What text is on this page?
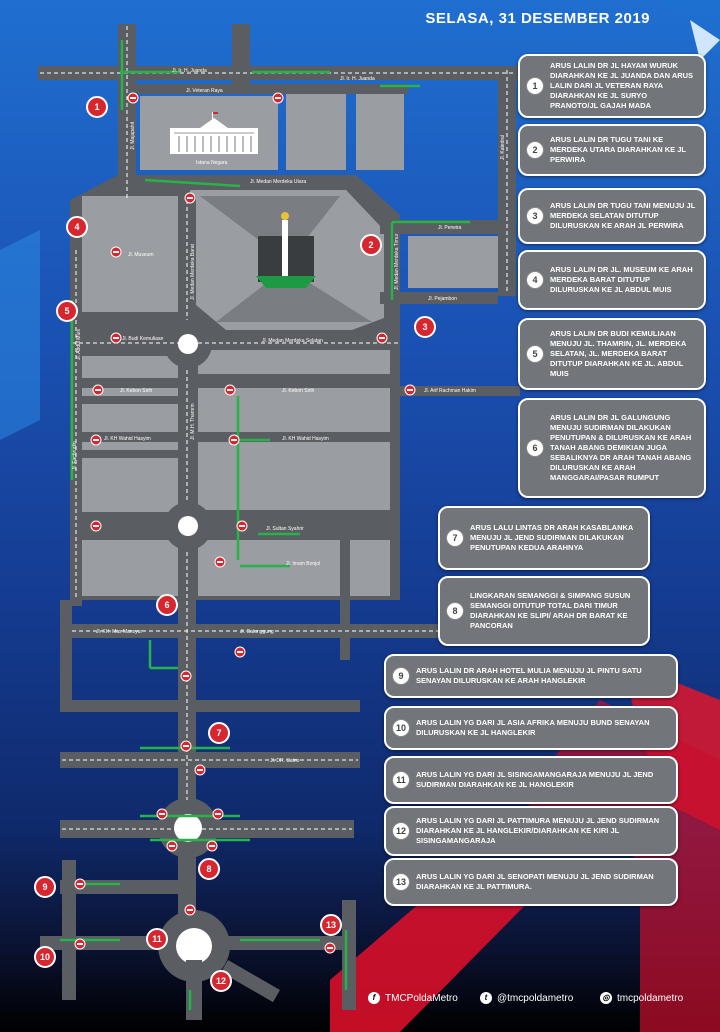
SELASA, 31 DESEMBER 2019
Istana Negara
Jl. Ir. H. Juanda
Jl. Ir. H. Juanda
Jl. Veteran Raya
Jl. Majapahit	Jl. Katedral
Jl. Medan Merdeka Utara
Jl. Medan Merdeka Barat	Jl. Medan Merdeka Timur
Jl. Perwira
Jl. Pejambon
Jl. Museum
Jl. Abdul Muis	Jl. Budi Kemuliaan	Jl. Medan Merdeka Selatan
Jl. Kebon Sirih	Jl. Kebon Sirih	Jl. Arif Rachman Hakim
Jl. Fachrudin
Jl. M.H. Thamrin
Jl. KH Wahid Hasyim	Jl. KH Wahid Hasyim
Jl. Sultan Syahrir
Jl. Imam Bonjol
Jl. KH. Mas Mansyur	Jl. Galunggung
Jl. DR. Satrio
1
2
3
4
5
6
7
8
9
10
11
12
13
1
ARUS LALIN DR JL HAYAM WURUK DIARAHKAN KE JL JUANDA DAN ARUS LALIN DARI JL VETERAN RAYA DIARAHKAN KE JL SURYO PRANOTO/JL GAJAH MADA
2
ARUS LALIN DR TUGU TANI KE MERDEKA UTARA DIARAHKAN KE JL PERWIRA
3
ARUS LALIN DR TUGU TANI MENUJU JL MERDEKA SELATAN DITUTUP DILURUSKAN KE ARAH JL PERWIRA
4
ARUS LALIN DR JL. MUSEUM KE ARAH MERDEKA BARAT DITUTUP DILURUSKAN KE JL ABDUL MUIS
5
ARUS LALIN DR BUDI KEMULIAAN MENUJU JL. THAMRIN, JL. MERDEKA SELATAN, JL. MERDEKA BARAT DITUTUP DIARAHKAN KE JL. ABDUL MUIS
6
ARUS LALIN DR JL GALUNGUNG MENUJU SUDIRMAN DILAKUKAN PENUTUPAN & DILURUSKAN KE ARAH TANAH ABANG DEMIKIAN JUGA SEBALIKNYA DR ARAH TANAH ABANG DILURUSKAN KE ARAH MANGGARAI/PASAR RUMPUT
7
ARUS LALU LINTAS DR ARAH KASABLANKA MENUJU JL JEND SUDIRMAN DILAKUKAN PENUTUPAN KEDUA ARAHNYA
8
LINGKARAN SEMANGGI & SIMPANG SUSUN SEMANGGI DITUTUP TOTAL DARI TIMUR DIARAHKAN KE SLIPI/ ARAH DR BARAT KE PANCORAN
9
ARUS LALIN DR ARAH HOTEL MULIA MENUJU JL PINTU SATU SENAYAN DILURUSKAN KE ARAH HANGLEKIR
10
ARUS LALIN YG DARI JL ASIA AFRIKA MENUJU BUND SENAYAN DILURUSKAN KE JL HANGLEKIR
11
ARUS LALIN YG DARI JL SISINGAMANGARAJA MENUJU JL JEND SUDIRMAN DIARAHKAN KE JL HANGLEKIR
12
ARUS LALIN YG DARI JL PATTIMURA MENUJU JL JEND SUDIRMAN DIARAHKAN KE JL HANGLEKIR/DIARAHKAN KE KIRI JL SISINGAMANGARAJA
13
ARUS LALIN YG DARI JL SENOPATI MENUJU JL JEND SUDIRMAN DIARAHKAN KE JL PATTIMURA.
f TMCPoldaMetro	t @tmcpoldametro	◎ tmcpoldametro
